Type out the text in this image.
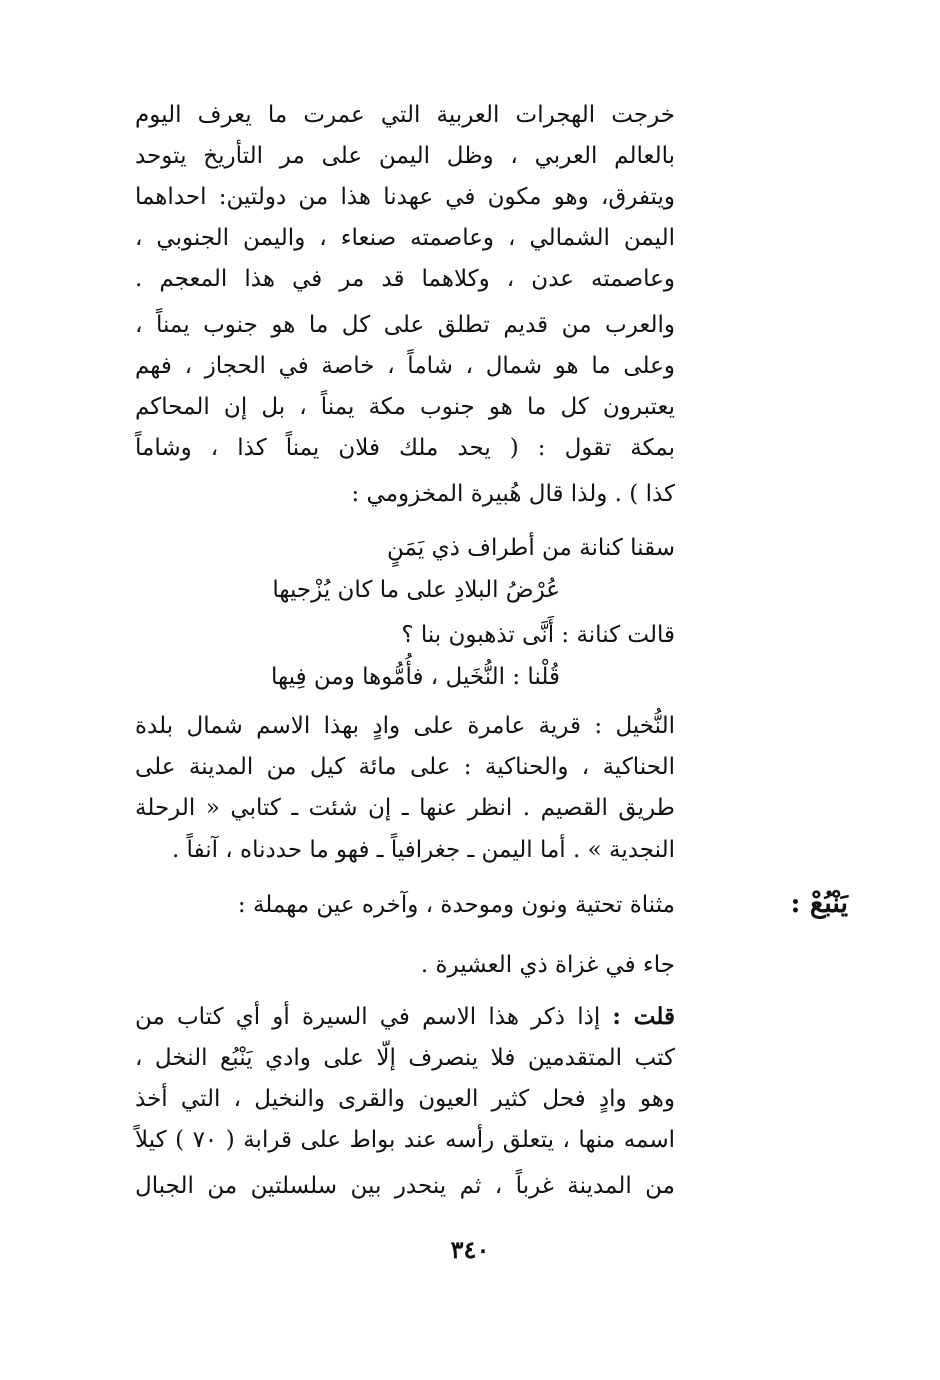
خرجت الهجرات العربية التي عمرت ما يعرف اليوم
بالعالم العربي ، وظل اليمن على مر التأريخ يتوحد
ويتفرق، وهو مكون في عهدنا هذا من دولتين: احداهما
اليمن الشمالي ، وعاصمته صنعاء ، واليمن الجنوبي ،
وعاصمته عدن ، وكلاهما قد مر في هذا المعجم .
والعرب من قديم تطلق على كل ما هو جنوب يمناً ،
وعلى ما هو شمال ، شاماً ، خاصة في الحجاز ، فهم
يعتبرون كل ما هو جنوب مكة يمناً ، بل إن المحاكم
بمكة تقول : ( يحد ملك فلان يمناً كذا ، وشاماً
كذا ) . ولذا قال هُبيرة المخزومي :
سقنا كنانة من أطراف ذي يَمَنٍ
عُرْضُ البلادِ على ما كان يُزْجيها
قالت كنانة : أَنَّى تذهبون بنا ؟
قُلْنا : النُّخَيل ، فأُمُّوها ومن فِيها
النُّخيل : قرية عامرة على وادٍ بهذا الاسم شمال بلدة
الحناكية ، والحناكية : على مائة كيل من المدينة على
طريق القصيم . انظر عنها ـ إن شئت ـ كتابي « الرحلة
النجدية » . أما اليمن ـ جغرافياً ـ فهو ما حددناه ، آنفاً .
يَنْبُعْ :
مثناة تحتية ونون وموحدة ، وآخره عين مهملة :
جاء في غزاة ذي العشيرة .
قلت : إذا ذكر هذا الاسم في السيرة أو أي كتاب من
كتب المتقدمين فلا ينصرف إلّا على وادي يَنْبُع النخل ،
وهو وادٍ فحل كثير العيون والقرى والنخيل ، التي أخذ
اسمه منها ، يتعلق رأسه عند بواط على قرابة ( ٧٠ ) كيلاً
من المدينة غرباً ، ثم ينحدر بين سلسلتين من الجبال
٣٤٠
